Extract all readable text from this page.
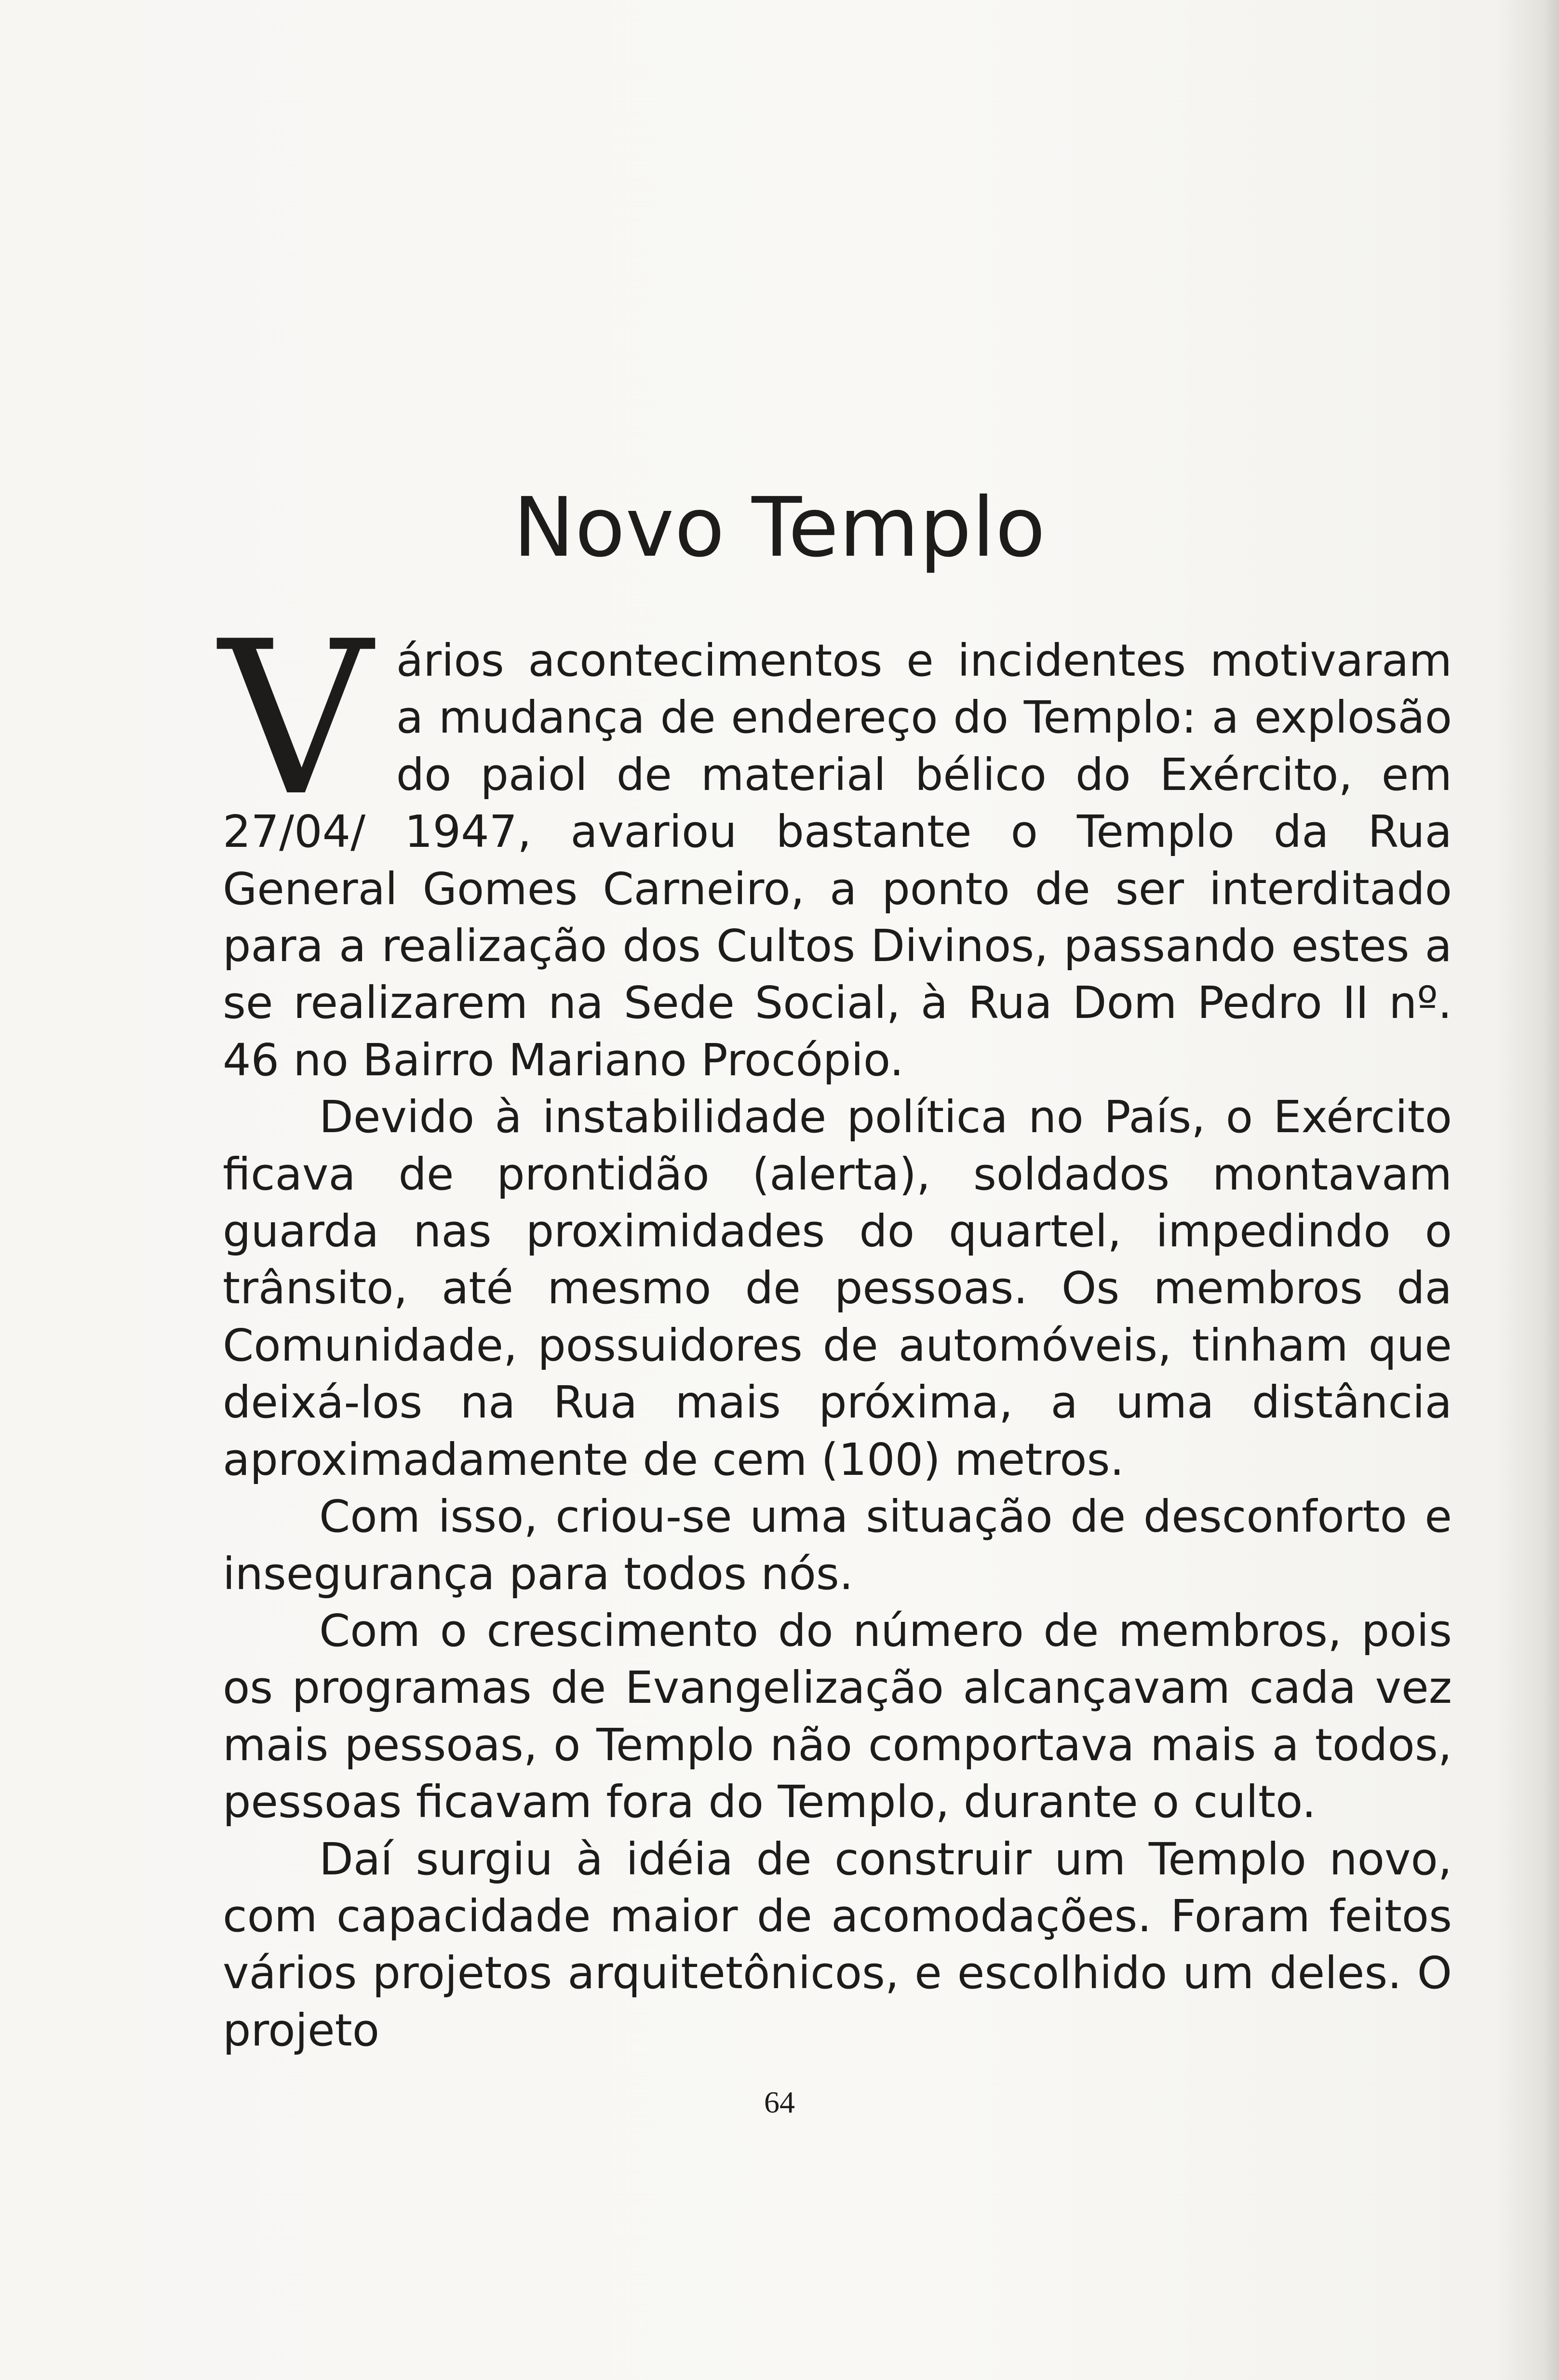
Novo Templo

Vários acontecimentos e incidentes motivaram a mudança de endereço do Templo: a explosão do paiol de material bélico do Exército, em 27/04/ 1947, avariou bastante o Templo da Rua General Gomes Carneiro, a ponto de ser interditado para a realização dos Cultos Divinos, passando estes a se realizarem na Sede Social, à Rua Dom Pedro II nº. 46 no Bairro Mariano Procópio.

Devido à instabilidade política no País, o Exército ficava de prontidão (alerta), soldados montavam guarda nas proximidades do quartel, impedindo o trânsito, até mesmo de pessoas. Os membros da Comunidade, possuidores de automóveis, tinham que deixá-los na Rua mais próxima, a uma distância aproximadamente de cem (100) metros.

Com isso, criou-se uma situação de desconforto e insegurança para todos nós.

Com o crescimento do número de membros, pois os programas de Evangelização alcançavam cada vez mais pessoas, o Templo não comportava mais a todos, pessoas ficavam fora do Templo, durante o culto.

Daí surgiu à idéia de construir um Templo novo, com capacidade maior de acomodações. Foram feitos vários projetos arquitetônicos, e escolhido um deles. O projeto

64
